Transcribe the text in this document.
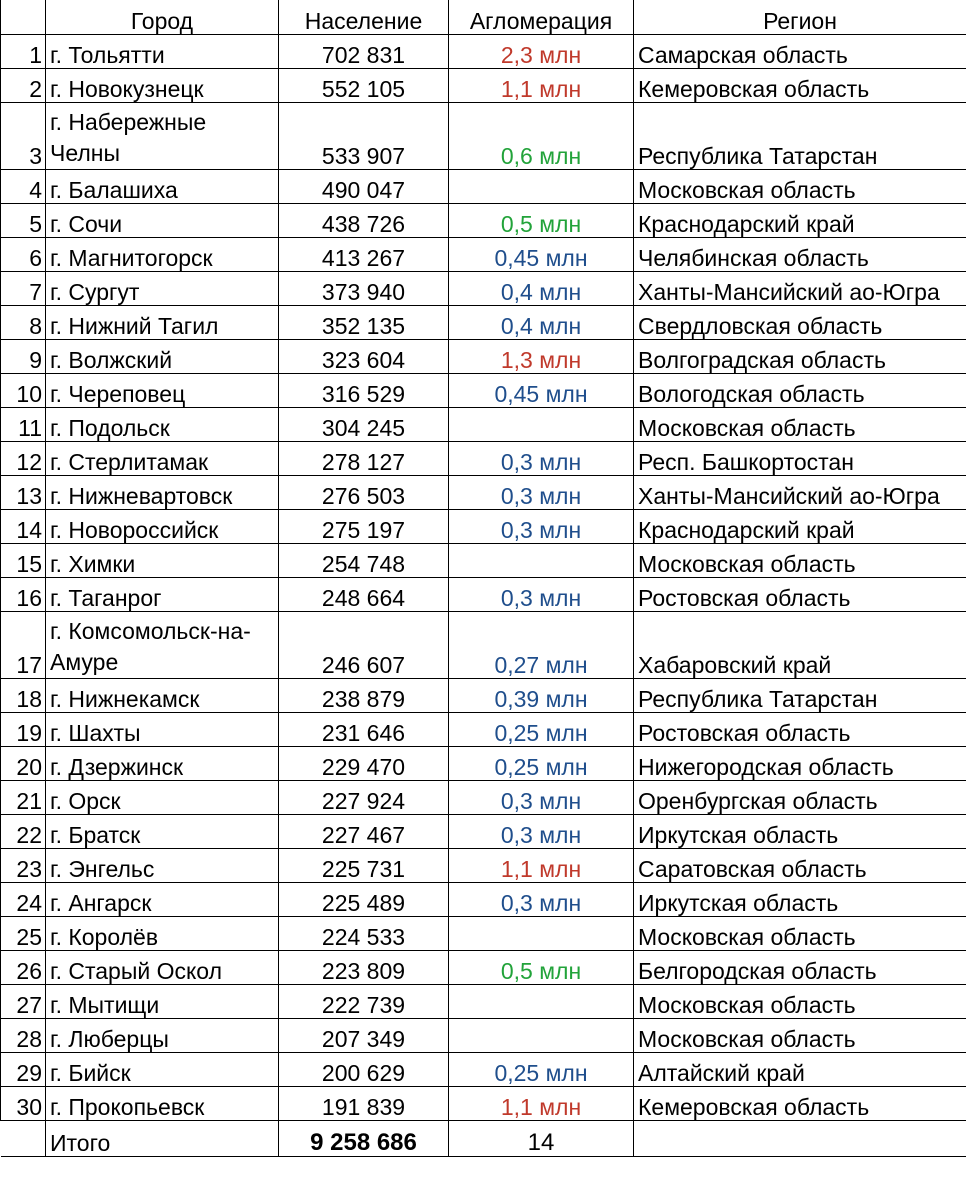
	Город	Население	Агломерация	Регион
1	г. Тольятти	702 831	2,3 млн	Самарская область
2	г. Новокузнецк	552 105	1,1 млн	Кемеровская область
3	г. Набережные Челны	533 907	0,6 млн	Республика Татарстан
4	г. Балашиха	490 047		Московская область
5	г. Сочи	438 726	0,5 млн	Краснодарский край
6	г. Магнитогорск	413 267	0,45 млн	Челябинская область
7	г. Сургут	373 940	0,4 млн	Ханты-Мансийский ао-Югра
8	г. Нижний Тагил	352 135	0,4 млн	Свердловская область
9	г. Волжский	323 604	1,3 млн	Волгоградская область
10	г. Череповец	316 529	0,45 млн	Вологодская область
11	г. Подольск	304 245		Московская область
12	г. Стерлитамак	278 127	0,3 млн	Респ. Башкортостан
13	г. Нижневартовск	276 503	0,3 млн	Ханты-Мансийский ао-Югра
14	г. Новороссийск	275 197	0,3 млн	Краснодарский край
15	г. Химки	254 748		Московская область
16	г. Таганрог	248 664	0,3 млн	Ростовская область
17	г. Комсомольск-на-Амуре	246 607	0,27 млн	Хабаровский край
18	г. Нижнекамск	238 879	0,39 млн	Республика Татарстан
19	г. Шахты	231 646	0,25 млн	Ростовская область
20	г. Дзержинск	229 470	0,25 млн	Нижегородская область
21	г. Орск	227 924	0,3 млн	Оренбургская область
22	г. Братск	227 467	0,3 млн	Иркутская область
23	г. Энгельс	225 731	1,1 млн	Саратовская область
24	г. Ангарск	225 489	0,3 млн	Иркутская область
25	г. Королёв	224 533		Московская область
26	г. Старый Оскол	223 809	0,5 млн	Белгородская область
27	г. Мытищи	222 739		Московская область
28	г. Люберцы	207 349		Московская область
29	г. Бийск	200 629	0,25 млн	Алтайский край
30	г. Прокопьевск	191 839	1,1 млн	Кемеровская область
	Итого	9 258 686	14	
